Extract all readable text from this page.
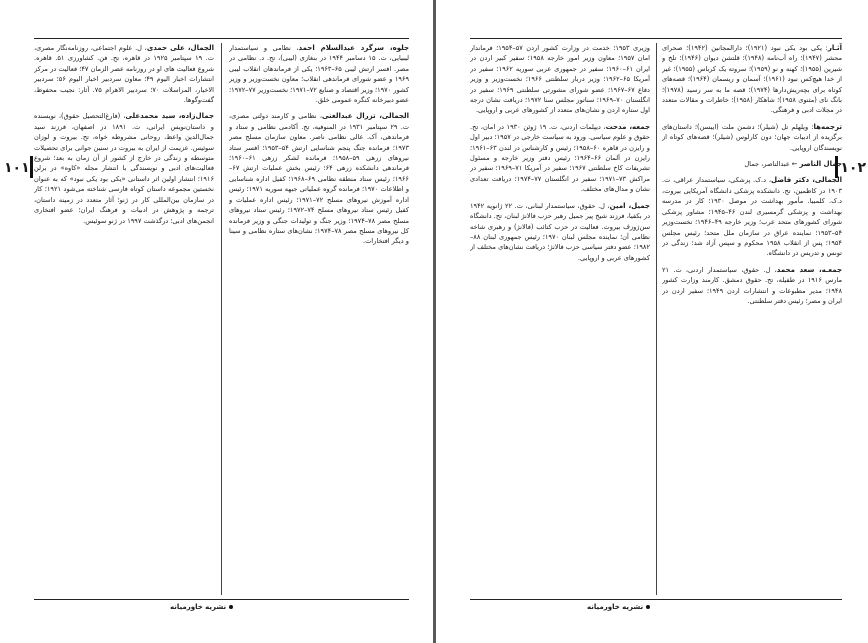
۱۰۱
جلوه، سرگرد عبدالسلام احمد، نظامی و سیاستمدار لیبیایی، ت. ۱۵ دسامبر ۱۹۴۴ در بنغازی (لیبی)، تح. د. نظامی در مصر. افسر ارتش لیبی ۶۵–۱۹۶۳؛ یکی از فرماندهان انقلاب لیبی ۱۹۶۹ و عضو شورای فرماندهی انقلاب؛ معاون نخست‌وزیر و وزیر کشور ۱۹۷۰؛ وزیر اقتصاد و صنایع ۷۲–۱۹۷۱؛ نخست‌وزیر ۷۷–۱۹۷۲؛ عضو دبیرخانه کنگره عمومی خلق.
الجمالی، تزرال عبدالغنی، نظامی و کارمند دولتی مصری، ت. ۲۹ سپتامبر ۱۹۳۱ در المنوفیه، تح. آکادمی نظامی و ستاد و فرماندهی، آک. عالی نظامی ناصر. معاون سازمان مسلح مصر ۱۹۷۳؛ فرمانده جنگ پنجم شناسایی ارتش ۵۴–۱۹۵۳؛ افسر ستاد نیروهای زرهی ۵۹–۱۹۵۸؛ فرمانده لشکر زرهی ۶۱–۱۹۶۰؛ فرماندهی دانشکده زرهی ۶۴؛ رئیس بخش عملیات ارتش ۶۷–۱۹۶۶؛ رئیس ستاد منطقه نظامی ۶۹–۱۹۶۸؛ کفیل اداره شناسایی و اطلاعات ۱۹۷۰؛ فرمانده گروه عملیاتی جبهه سوریه ۱۹۷۱؛ رئیس اداره آموزش نیروهای مسلح ۷۲–۱۹۷۱؛ رئیس اداره عملیات و کفیل رئیس ستاد نیروهای مسلح ۷۴–۱۹۷۲؛ رئیس ستاد نیروهای مسلح مصر ۷۸–۱۹۷۴؛ وزیر جنگ و تولیدات جنگی و وزیر فرمانده کل نیروهای مسلح مصر ۷۸–۱۹۷۴؛ نشان‌های ستاره نظامی و سینا و دیگر افتخارات.
الجمال، علی حمدی، ل. علوم اجتماعی، روزنامه‌نگار مصری، ت. ۱۹ سپتامبر ۱۹۲۵ در قاهره، تح. فن. کشاورزی ۵۱. قاهره. شروع فعالیت های او در روزنامه عصر الزمان ۴۷؛ فعالیت در مرکز انتشارات اخبار الیوم ۴۹؛ معاون سردبیر اخبار الیوم ۵۶؛ سردبیر الاخبار، المراسلات ۷۰؛ سردبیر الاهرام ۷۵. آثار: نجیب محفوظ، گفت‌وگوها.
جمال‌زاده، سید محمدعلی، (فارغ‌التحصیل حقوق)، نویسنده و داستان‌نویس ایرانی، ت. ۱۸۹۱ در اصفهان، فرزند سید جمال‌الدین واعظ، روحانی مشروطه خواه، تح. بیروت و لوزان سوئیس. عزیمت از ایران به بیروت در سنین جوانی برای تحصیلات متوسطه و زندگی در خارج از کشور از آن زمان به بعد؛ شروع فعالیت‌های ادبی و نویسندگی با انتشار مجله «کاوه» در برلن ۱۹۱۶؛ انتشار اولین اثر داستانی «یکی بود یکی نبود» که به عنوان نخستین مجموعه داستان کوتاه فارسی شناخته می‌شود ۱۹۲۱؛ کار در سازمان بین‌المللی کار در ژنو؛ آثار متعدد در زمینه داستان، ترجمه و پژوهش در ادبیات و فرهنگ ایران؛ عضو افتخاری انجمن‌های ادبی؛ درگذشت ۱۹۹۷ در ژنو سوئیس.
نشریه خاورمیانه
۱۰۲
آثـار: یکی بود یکی نبود (۱۹۲۱)؛ دارالمجانین (۱۹۴۲)؛ صحرای محشر (۱۹۴۷)؛ راه آب‌نامه (۱۹۴۸)؛ قلتشن دیوان (۱۹۴۶)؛ تلخ و شیرین (۱۹۵۵)؛ کهنه و نو (۱۹۵۹)؛ سروته یک کرباس (۱۹۵۵)؛ غیر از خدا هیچ‌کس نبود (۱۹۶۱)؛ آسمان و ریسمان (۱۹۶۴)؛ قصه‌های کوتاه برای بچه‌ریش‌دارها (۱۹۷۴)؛ قصه ما به سر رسید (۱۹۷۸)؛ بانگ نای (مثنوی ۱۹۵۸)؛ شاهکار (۱۹۵۸)؛ خاطرات و مقالات متعدد در مجلات ادبی و فرهنگی.
ترجمه‌ها: ویلهلم تل (شیلر)؛ دشمن ملت (ایبسن)؛ داستان‌های برگزیده از ادبیات جهان؛ دون کارلوس (شیلر)؛ قصه‌های کوتاه از نویسندگان اروپایی.
جمال الناصر ← عبدالناصر، جمال
الجمالی، دکتر فاضل، د.ک. پزشکی، سیاستمدار عراقی، ت. ۱۹۰۳ در کاظمین، تح. دانشکده پزشکی دانشگاه آمریکایی بیروت، د.ک. کلمبیا. مأمور بهداشت در موصل ۱۹۳۰؛ کار در مدرسه بهداشت و پزشکی گرمسیری لندن ۴۶–۱۹۴۵؛ مشاور پزشکی شورای کشورهای متحد عرب؛ وزیر خارجه ۴۹–۱۹۴۶؛ نخست‌وزیر ۵۴–۱۹۵۳؛ نماینده عراق در سازمان ملل متحد؛ رئیس مجلس ۱۹۵۴؛ پس از انقلاب ۱۹۵۸ محکوم و سپس آزاد شد؛ زندگی در تونس و تدریس در دانشگاه.
جمعـه، سعد محمد، ل. حقوق، سیاستمدار اردنی، ت. ۲۱ مارس ۱۹۱۶ در طفیله، تح. حقوق دمشق. کارمند وزارت کشور ۱۹۴۸؛ مدیر مطبوعات و انتشارات اردن ۱۹۴۹؛ سفیر اردن در ایران و مصر؛ رئیس دفتر سلطنتی.
وزیری ۱۹۵۳؛ خدمت در وزارت کشور اردن ۵۷–۱۹۵۴؛ فرماندار امان ۱۹۵۷؛ معاون وزیر امور خارجه ۱۹۵۸؛ سفیر کبیر اردن در ایران ۶۱–۱۹۶۰؛ سفیر در جمهوری عربی سوریه ۱۹۶۲؛ سفیر در آمریکا ۶۵–۱۹۶۲؛ وزیر دربار سلطنتی ۱۹۶۶؛ نخست‌وزیر و وزیر دفاع ۶۷–۱۹۶۷؛ عضو شورای مشورتی سلطنتی ۱۹۶۹؛ سفیر در انگلستان ۷۰–۱۹۶۹؛ سناتور مجلس سنا ۱۹۷۲؛ دریافت نشان درجه اول ستاره اردن و نشان‌های متعدد از کشورهای عربی و اروپایی.
جمعه، مدحت، دیپلمات اردنی، ت. ۱۹ ژوئن ۱۹۳۰ در امان، تح. حقوق و علوم سیاسی. ورود به سیاست خارجی در ۱۹۵۷؛ دبیر اول و رایزن در قاهره ۶۰–۱۹۵۸؛ رئیس و کارشناس در لندن ۶۳–۱۹۶۱؛ رایزن در آلمان ۶۶–۱۹۶۴؛ رئیس دفتر وزیر خارجه و مسئول تشریفات کاخ سلطنتی ۱۹۶۷؛ سفیر در آمریکا ۷۱–۱۹۶۹؛ سفیر در مراکش ۷۳–۱۹۷۱؛ سفیر در انگلستان ۷۷–۱۹۷۴؛ دریافت تعدادی نشان و مدال‌های مختلف.
جمیل، امین، ل. حقوق، سیاستمدار لبنانی، ت. ۲۲ ژانویه ۱۹۴۲ در بکفیا، فرزند شیخ پیر جمیل رهبر حزب فالانژ لبنان، تح. دانشگاه سن‌ژوزف بیروت. فعالیت در حزب کتائب (فالانژ) و رهبری شاخه نظامی آن؛ نماینده مجلس لبنان ۱۹۷۰؛ رئیس جمهوری لبنان ۸۸–۱۹۸۲؛ عضو دفتر سیاسی حزب فالانژ؛ دریافت نشان‌های مختلف از کشورهای عربی و اروپایی.
نشریه خاورمیانه
